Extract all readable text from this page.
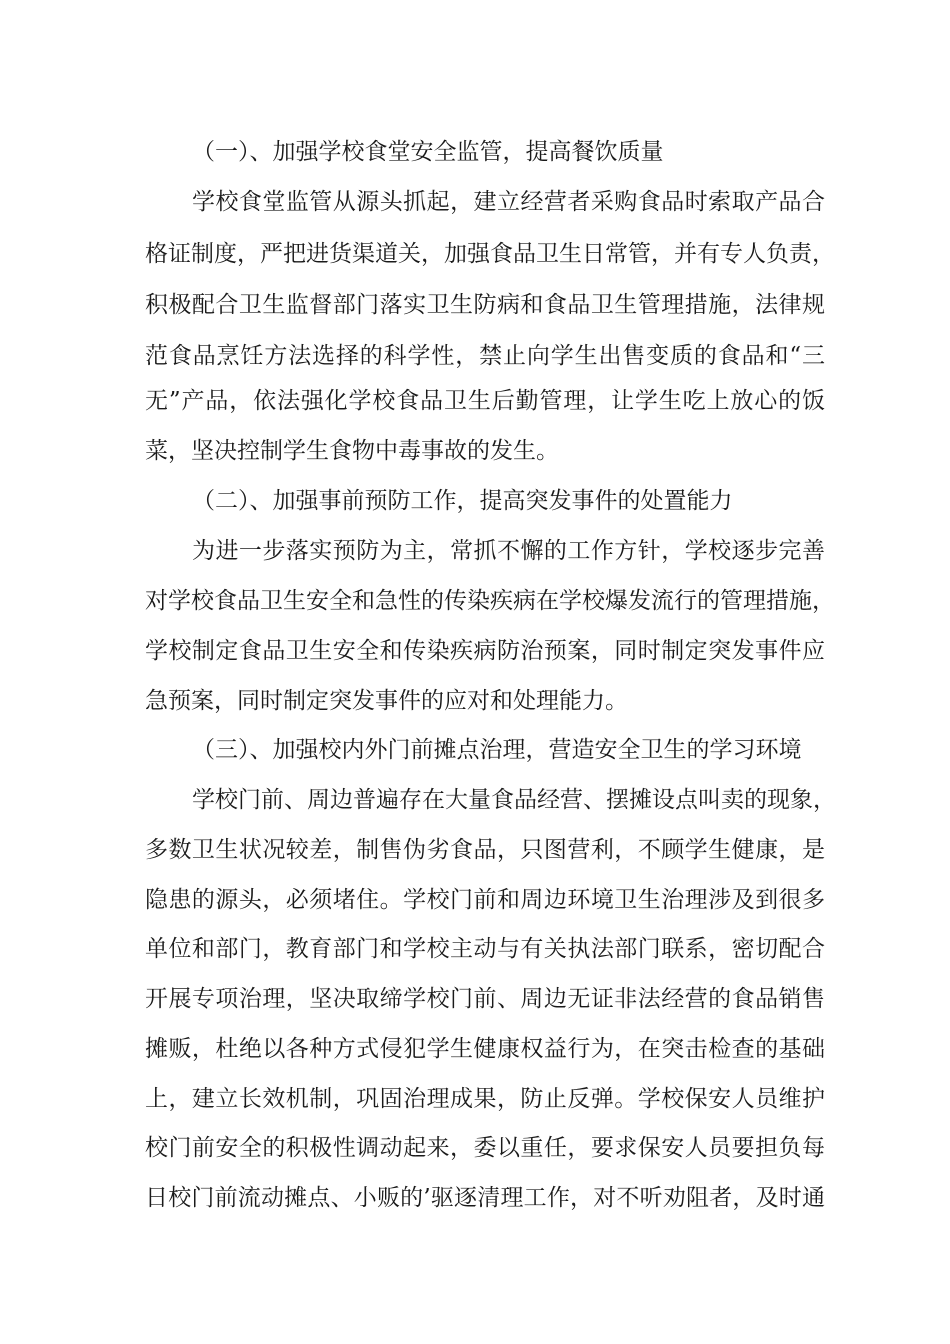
（一）、加强学校食堂安全监管，提高餐饮质量
学校食堂监管从源头抓起，建立经营者采购食品时索取产品合
格证制度，严把进货渠道关，加强食品卫生日常管，并有专人负责，
积极配合卫生监督部门落实卫生防病和食品卫生管理措施，法律规
范食品烹饪方法选择的科学性，禁止向学生出售变质的食品和“三
无”产品，依法强化学校食品卫生后勤管理，让学生吃上放心的饭
菜，坚决控制学生食物中毒事故的发生。
（二）、加强事前预防工作，提高突发事件的处置能力
为进一步落实预防为主，常抓不懈的工作方针，学校逐步完善
对学校食品卫生安全和急性的传染疾病在学校爆发流行的管理措施，
学校制定食品卫生安全和传染疾病防治预案，同时制定突发事件应
急预案，同时制定突发事件的应对和处理能力。
（三）、加强校内外门前摊点治理，营造安全卫生的学习环境
学校门前、周边普遍存在大量食品经营、摆摊设点叫卖的现象，
多数卫生状况较差，制售伪劣食品，只图营利，不顾学生健康，是
隐患的源头，必须堵住。学校门前和周边环境卫生治理涉及到很多
单位和部门，教育部门和学校主动与有关执法部门联系，密切配合
开展专项治理，坚决取缔学校门前、周边无证非法经营的食品销售
摊贩，杜绝以各种方式侵犯学生健康权益行为，在突击检查的基础
上，建立长效机制，巩固治理成果，防止反弹。学校保安人员维护
校门前安全的积极性调动起来，委以重任，要求保安人员要担负每
日校门前流动摊点、小贩的’驱逐清理工作，对不听劝阻者，及时通
